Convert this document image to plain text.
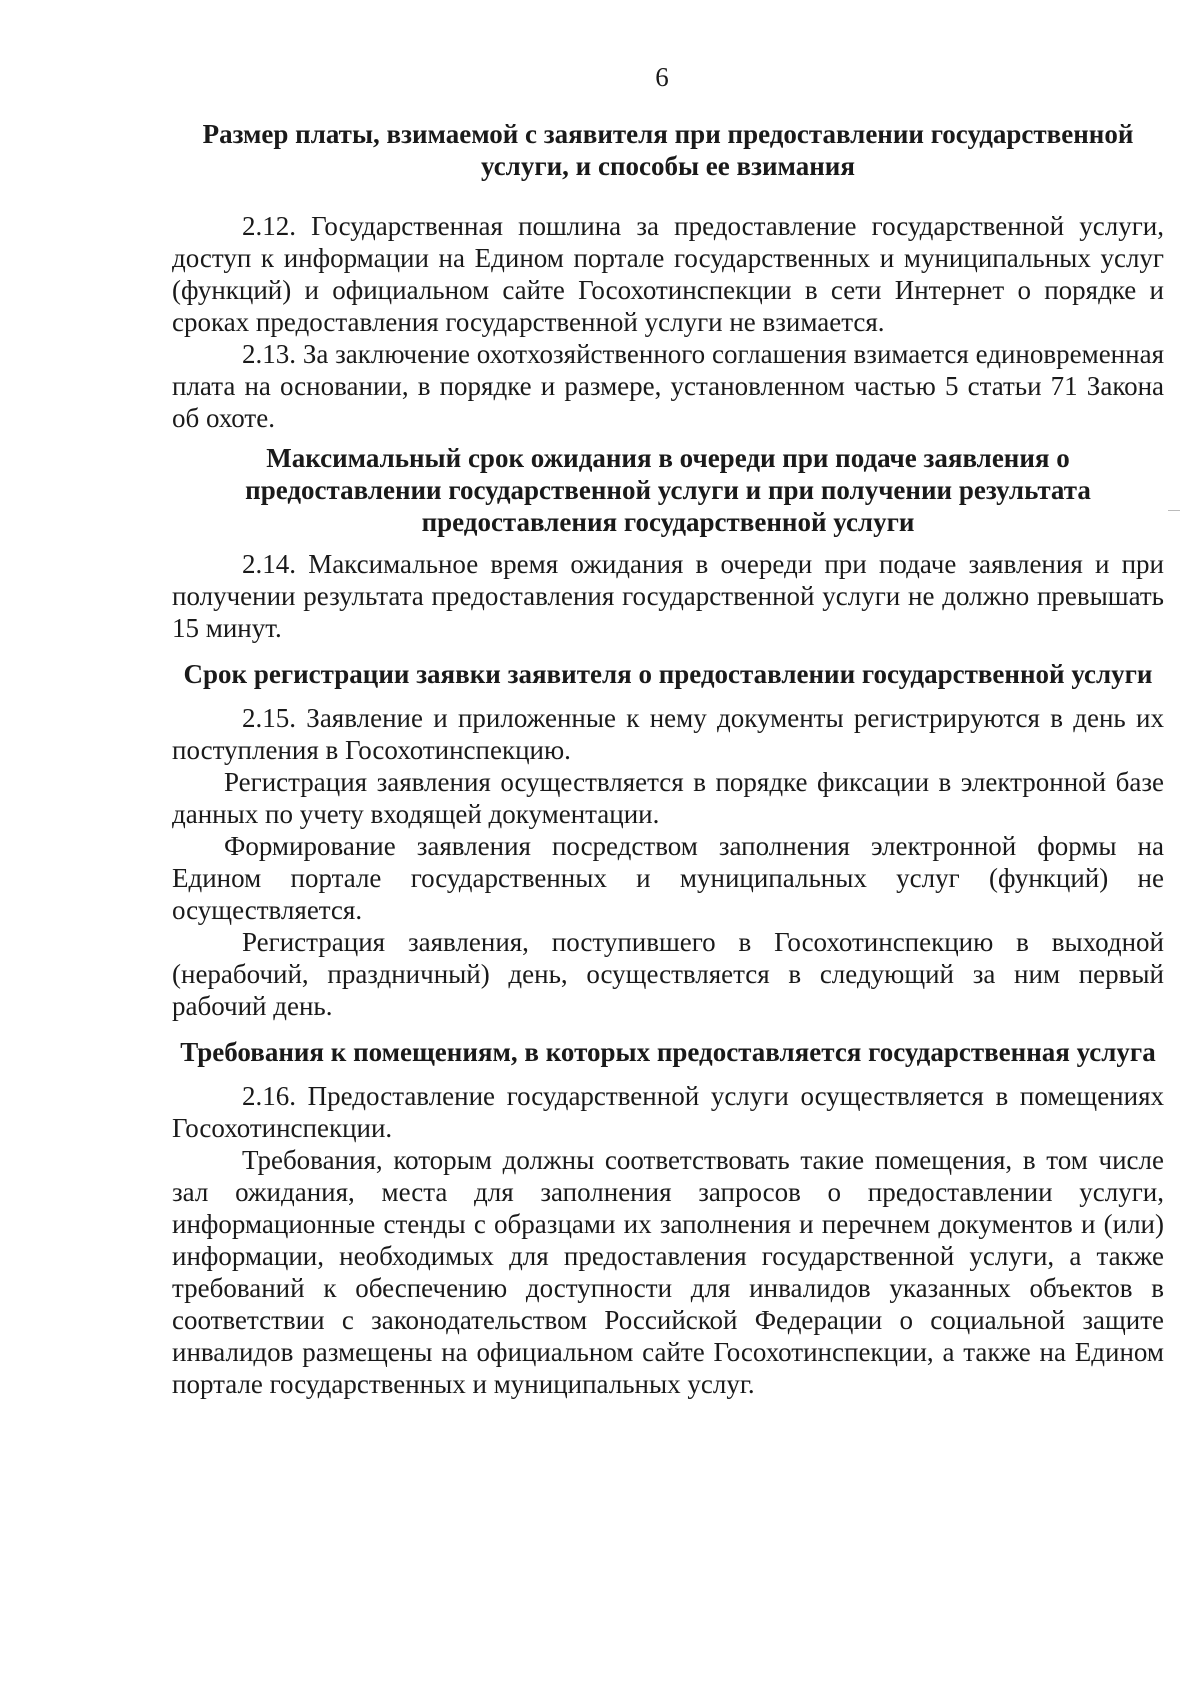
6
Размер платы, взимаемой с заявителя при предоставлении государственной услуги, и способы ее взимания

2.12. Государственная пошлина за предоставление государственной услуги, доступ к информации на Едином портале государственных и муниципальных услуг (функций) и официальном сайте Госохотинспекции в сети Интернет о порядке и сроках предоставления государственной услуги не взимается.

2.13. За заключение охотхозяйственного соглашения взимается единовременная плата на основании, в порядке и размере, установленном частью 5 статьи 71 Закона об охоте.

Максимальный срок ожидания в очереди при подаче заявления о предоставлении государственной услуги и при получении результата предоставления государственной услуги

2.14. Максимальное время ожидания в очереди при подаче заявления и при получении результата предоставления государственной услуги не должно превышать 15 минут.

Срок регистрации заявки заявителя о предоставлении государственной услуги

2.15. Заявление и приложенные к нему документы регистрируются в день их поступления в Госохотинспекцию.

Регистрация заявления осуществляется в порядке фиксации в электронной базе данных по учету входящей документации.

Формирование заявления посредством заполнения электронной формы на Едином портале государственных и муниципальных услуг (функций) не осуществляется.

Регистрация заявления, поступившего в Госохотинспекцию в выходной (нерабочий, праздничный) день, осуществляется в следующий за ним первый рабочий день.

Требования к помещениям, в которых предоставляется государственная услуга

2.16. Предоставление государственной услуги осуществляется в помещениях Госохотинспекции.

Требования, которым должны соответствовать такие помещения, в том числе зал ожидания, места для заполнения запросов о предоставлении услуги, информационные стенды с образцами их заполнения и перечнем документов и (или) информации, необходимых для предоставления государственной услуги, а также требований к обеспечению доступности для инвалидов указанных объектов в соответствии с законодательством Российской Федерации о социальной защите инвалидов размещены на официальном сайте Госохотинспекции, а также на Едином портале государственных и муниципальных услуг.
